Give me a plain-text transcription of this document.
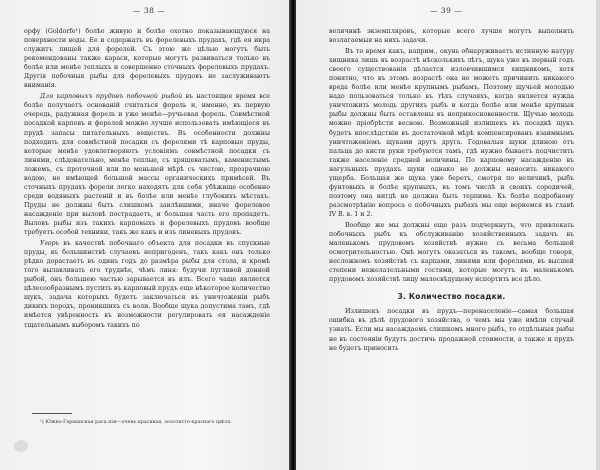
— 38 —

орфу (Goldorfe¹) болѣе живую и болѣе охотно показывающуюся на поверхности воды. Ее и содержатъ въ форелевыхъ прудахъ, гдѣ ея икра служитъ пищей для форелей. Съ этою же цѣлью могутъ быть рекомендованы также караси, которые могутъ развиваться только въ болѣе или менѣе теплыхъ и совершенно сточныхъ форелевыхъ прудахъ. Другія побочныя рыбы для форелевыхъ прудовъ не заслуживаютъ вниманія.

Для карповыхъ прудовъ побочной рыбой въ настоящее время все болѣе получаетъ основаній считаться форель и, именно, въ первую очередь, радужная форель и уже менѣе—ручьевая форель. Совмѣстной посадкой карповъ и форелей можно лучше использовать имѣющіеся въ прудѣ запасы питательныхъ веществъ. Въ особенности должны подходить для совмѣстной посадки съ форелями тѣ карповые пруды, которые менѣе удовлетворяютъ условіямъ совмѣстной посадки съ линями, слѣдовательно, менѣе теплые, съ хрящеватымъ, каменистымъ ложемъ, съ проточной или по меньшей мѣрѣ съ чистою, прозрачною водою, не имѣющей большой массы органическихъ примѣсей. Въ сточныхъ прудахъ форели легко находятъ для себя убѣжище особенно среди водяныхъ растеній и въ болѣе или менѣе глубокихъ мѣстахъ. Пруды не должны быть слишкомъ заилѣвшими, иначе форелевое насажденіе при выловѣ пострадаетъ, и большая часть его пропадетъ. Выловъ рыбы изъ такихъ карповыхъ и форелевыхъ прудовъ вообще требуетъ особой техники, такъ же какъ и изъ линевыхъ прудовъ.

Угорь въ качествѣ побочнаго объекта для посадки въ спускные пруды, въ большинствѣ случаевъ непригоденъ, такъ какъ онъ только рѣдко дорастаетъ въ одинъ годъ до размѣра рыбы для стола, и кромѣ того вылавливать его труднѣе, чѣмъ линя: будучи пугливой донной рыбой, онъ большею частью зарывается въ илъ. Всего чаще является цѣлесообразнымъ пустить въ карповый прудъ еще нѣкоторое количество щукъ, задача которыхъ будетъ заключаться въ уничтоженіи рыбъ дикихъ породъ, проникшихъ съ воли. Вообще щука допустима тамъ, гдѣ имѣется увѣренность въ возможности регулировать ея насажденіе тщательнымъ выборомъ такихъ по

¹) Южно-Германская раса язя—очень красивая, золотисто-краснаго цвѣта.
— 39 —

величинѣ экземпляровъ, которые всего лучше могутъ выполнить возлагаемыя на нихъ задачи.

Въ то время какъ, наприм., окунь обнаруживаетъ истинную натуру хищника лишь въ возрастѣ нѣсколькихъ лѣтъ, щука уже въ первый годъ своего существованія дѣлается изловчившимся хищникомъ, хотя понятно, что въ этомъ возрастѣ она не можетъ причинить никакого вреда болѣе или менѣе крупнымъ рыбамъ. Поэтому щучьей молодью надо пользоваться только въ тѣхъ случаяхъ, когда является нужда уничтожить молодь другихъ рыбъ и когда болѣе или менѣе крупныя рыбы должны быть оставлены въ неприкосновенности. Щучью молодь можно пріобрѣсти весною. Возможный излишекъ въ посадкѣ щукъ будетъ впослѣдствіи въ достаточной мѣрѣ компенсированъ взаимнымъ уничтоженіемъ щуками другъ друга. Годовалыя щуки длиною отъ пальца до кисти руки требуются тамъ, гдѣ нужно бываетъ подчистить также населеніе средней величины. По карповому насажденію въ нагульныхъ прудахъ щуки однако не должны наносить никакого ущерба. Большая же щука уже беретъ, смотря по величинѣ, рыбъ фунтовыхъ и болѣе крупныхъ, въ томъ числѣ и своихъ сородичей, поэтому она нигдѣ не должна быть терпима. Къ болѣе подробному разсмотрѣнію вопроса о побочныхъ рыбахъ мы еще вернемся въ главѣ IV В. в. 1 и 2.

Вообще же мы должны еще разъ подчеркнуть, что привлекать побочныхъ рыбъ къ обслуживанію хозяйственныхъ задачъ въ маленькомъ прудовомъ хозяйствѣ нужно съ весьма большой осмотрительностью. Онѣ могутъ оказаться въ такомъ, вообще говоря, несложномъ хозяйствѣ съ карпами, линями или форелями, въ высшей степени нежелательными гостями, которые могутъ въ маленькомъ прудовомъ хозяйствѣ лицу малосвѣдущему испортить все дѣло.

3. Количество посадки.

Излишекъ посадки въ прудъ—перенаселеніе—самая большая ошибка въ дѣлѣ прудового хозяйства, о чемъ мы уже имѣли случай узнать. Если мы насаждаемъ слишкомъ много рыбъ, то отдѣльныя рыбы не въ состояніи будутъ достичь продажной стоимости, а также и прудъ не будетъ приносить
